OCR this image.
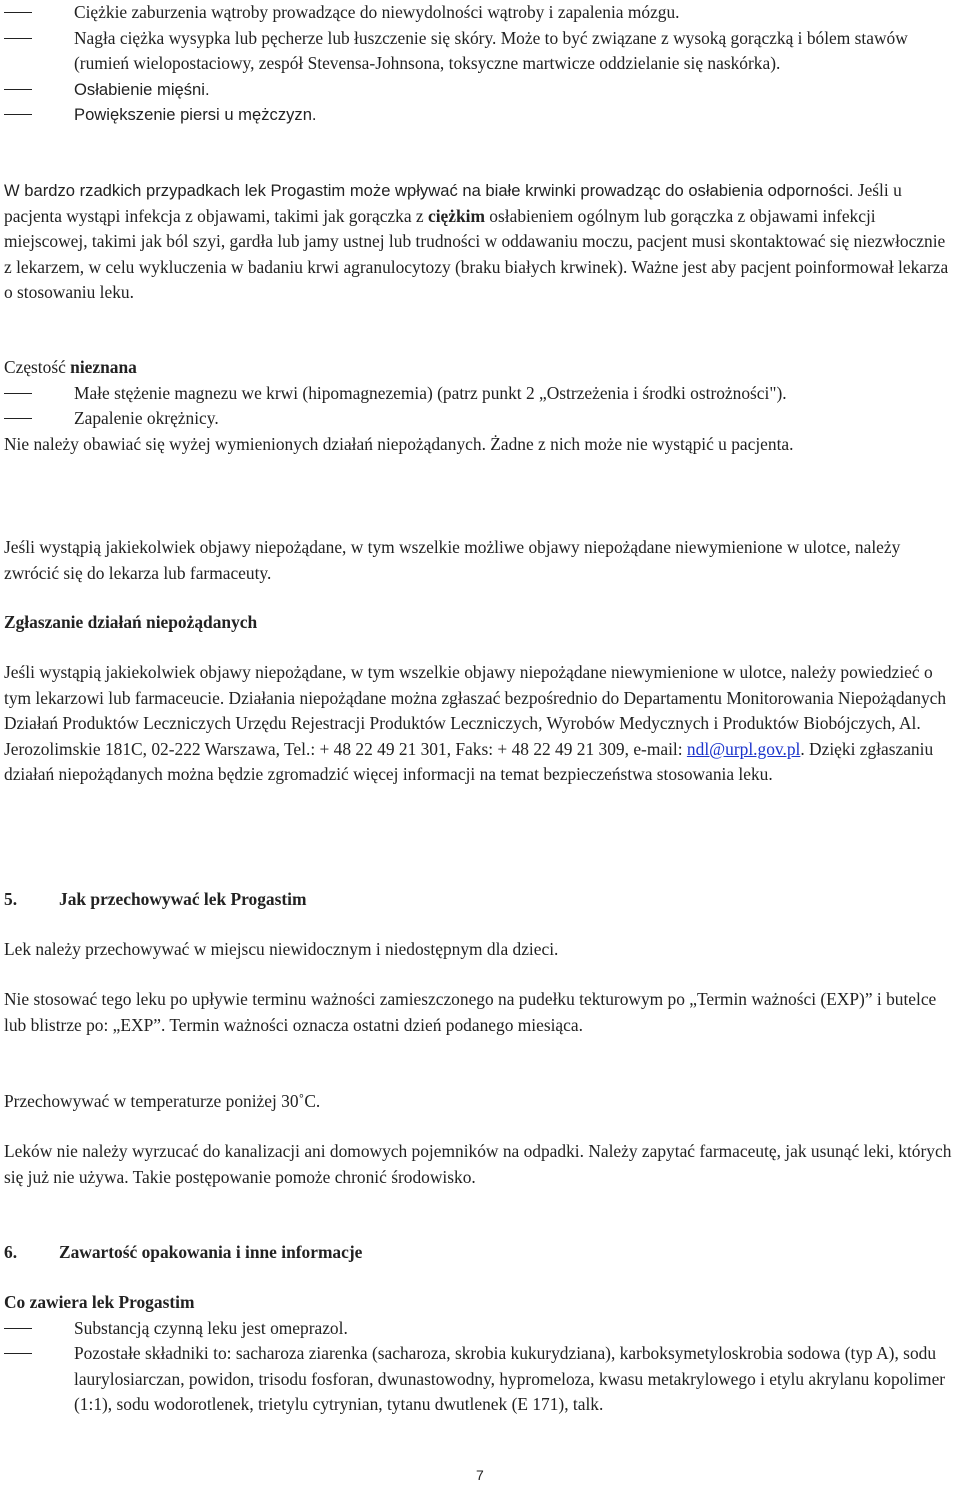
Ciężkie zaburzenia wątroby prowadzące do niewydolności wątroby i zapalenia mózgu.

Nagła ciężka wysypka lub pęcherze lub łuszczenie się skóry. Może to być związane z wysoką gorączką i bólem stawów (rumień wielopostaciowy, zespół Stevensa-Johnsona, toksyczne martwicze oddzielanie się naskórka).

Osłabienie mięśni.

Powiększenie piersi u mężczyzn.

W bardzo rzadkich przypadkach lek Progastim może wpływać na białe krwinki prowadząc do osłabienia odporności. Jeśli u pacjenta wystąpi infekcja z objawami, takimi jak gorączka z ciężkim osłabieniem ogólnym lub gorączka z objawami infekcji miejscowej, takimi jak ból szyi, gardła lub jamy ustnej lub trudności w oddawaniu moczu, pacjent musi skontaktować się niezwłocznie z lekarzem, w celu wykluczenia w badaniu krwi agranulocytozy (braku białych krwinek). Ważne jest aby pacjent poinformował lekarza o stosowaniu leku.

Częstość nieznana

Małe stężenie magnezu we krwi (hipomagnezemia) (patrz punkt 2 „Ostrzeżenia i środki ostrożności").

Zapalenie okrężnicy.

Nie należy obawiać się wyżej wymienionych działań niepożądanych. Żadne z nich może nie wystąpić u pacjenta.

Jeśli wystąpią jakiekolwiek objawy niepożądane, w tym wszelkie możliwe objawy niepożądane niewymienione w ulotce, należy zwrócić się do lekarza lub farmaceuty.

Zgłaszanie działań niepożądanych

Jeśli wystąpią jakiekolwiek objawy niepożądane, w tym wszelkie objawy niepożądane niewymienione w ulotce, należy powiedzieć o tym lekarzowi lub farmaceucie. Działania niepożądane można zgłaszać bezpośrednio do Departamentu Monitorowania Niepożądanych Działań Produktów Leczniczych Urzędu Rejestracji Produktów Leczniczych, Wyrobów Medycznych i Produktów Biobójczych, Al. Jerozolimskie 181C, 02-222 Warszawa, Tel.: + 48 22 49 21 301, Faks: + 48 22 49 21 309, e-mail: ndl@urpl.gov.pl. Dzięki zgłaszaniu działań niepożądanych można będzie zgromadzić więcej informacji na temat bezpieczeństwa stosowania leku.

5. Jak przechowywać lek Progastim

Lek należy przechowywać w miejscu niewidocznym i niedostępnym dla dzieci.

Nie stosować tego leku po upływie terminu ważności zamieszczonego na pudełku tekturowym po „Termin ważności (EXP)” i butelce lub blistrze po: „EXP”. Termin ważności oznacza ostatni dzień podanego miesiąca.

Przechowywać w temperaturze poniżej 30˚C.

Leków nie należy wyrzucać do kanalizacji ani domowych pojemników na odpadki. Należy zapytać farmaceutę, jak usunąć leki, których się już nie używa. Takie postępowanie pomoże chronić środowisko.

6. Zawartość opakowania i inne informacje

Co zawiera lek Progastim

Substancją czynną leku jest omeprazol.

Pozostałe składniki to: sacharoza ziarenka (sacharoza, skrobia kukurydziana), karboksymetyloskrobia sodowa (typ A), sodu laurylosiarczan, powidon, trisodu fosforan, dwunastowodny, hypromeloza, kwasu metakrylowego i etylu akrylanu kopolimer (1:1), sodu wodorotlenek, trietylu cytrynian, tytanu dwutlenek (E 171), talk.

7
